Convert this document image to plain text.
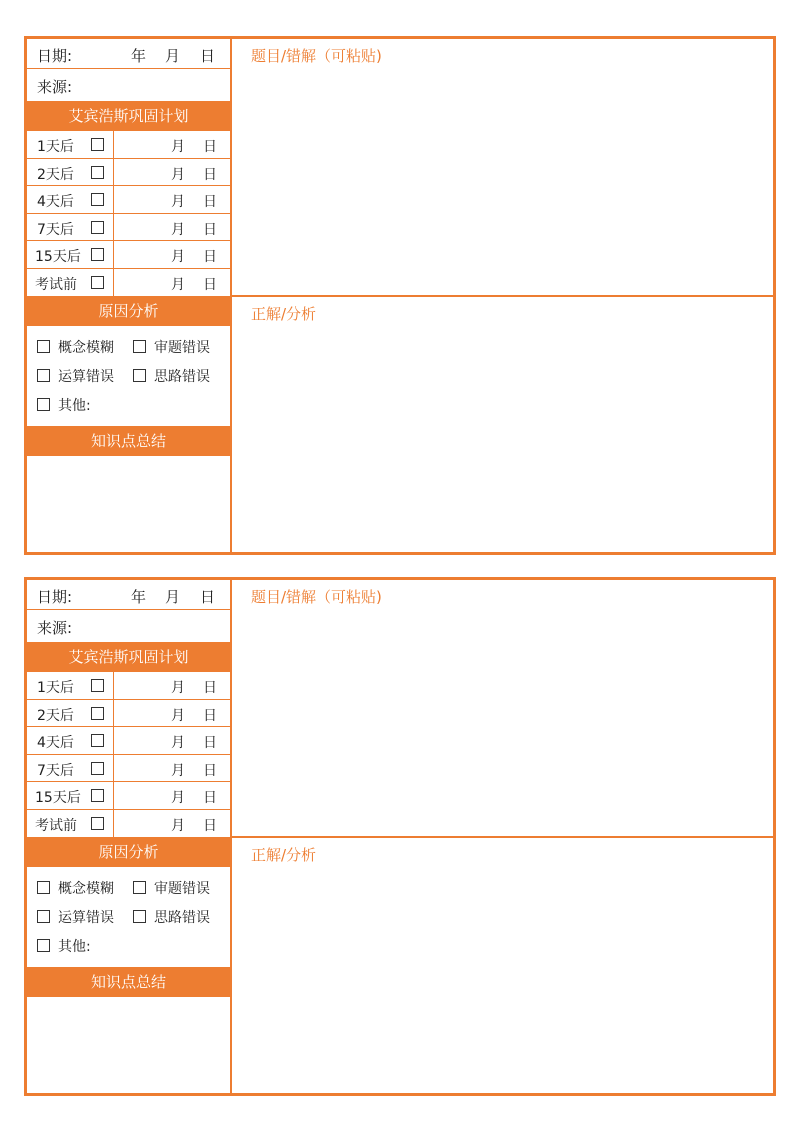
日期:	年 月 日
来源:
艾宾浩斯巩固计划
1天后	月 日
2天后	月 日
4天后	月 日
7天后	月 日
15天后	月 日
考试前	月 日
原因分析
概念模糊	审题错误
运算错误	思路错误
其他:
知识点总结
题目/错解（可粘贴)
正解/分析
日期:	年 月 日
来源:
艾宾浩斯巩固计划
1天后	月 日
2天后	月 日
4天后	月 日
7天后	月 日
15天后	月 日
考试前	月 日
原因分析
概念模糊	审题错误
运算错误	思路错误
其他:
知识点总结
题目/错解（可粘贴)
正解/分析
